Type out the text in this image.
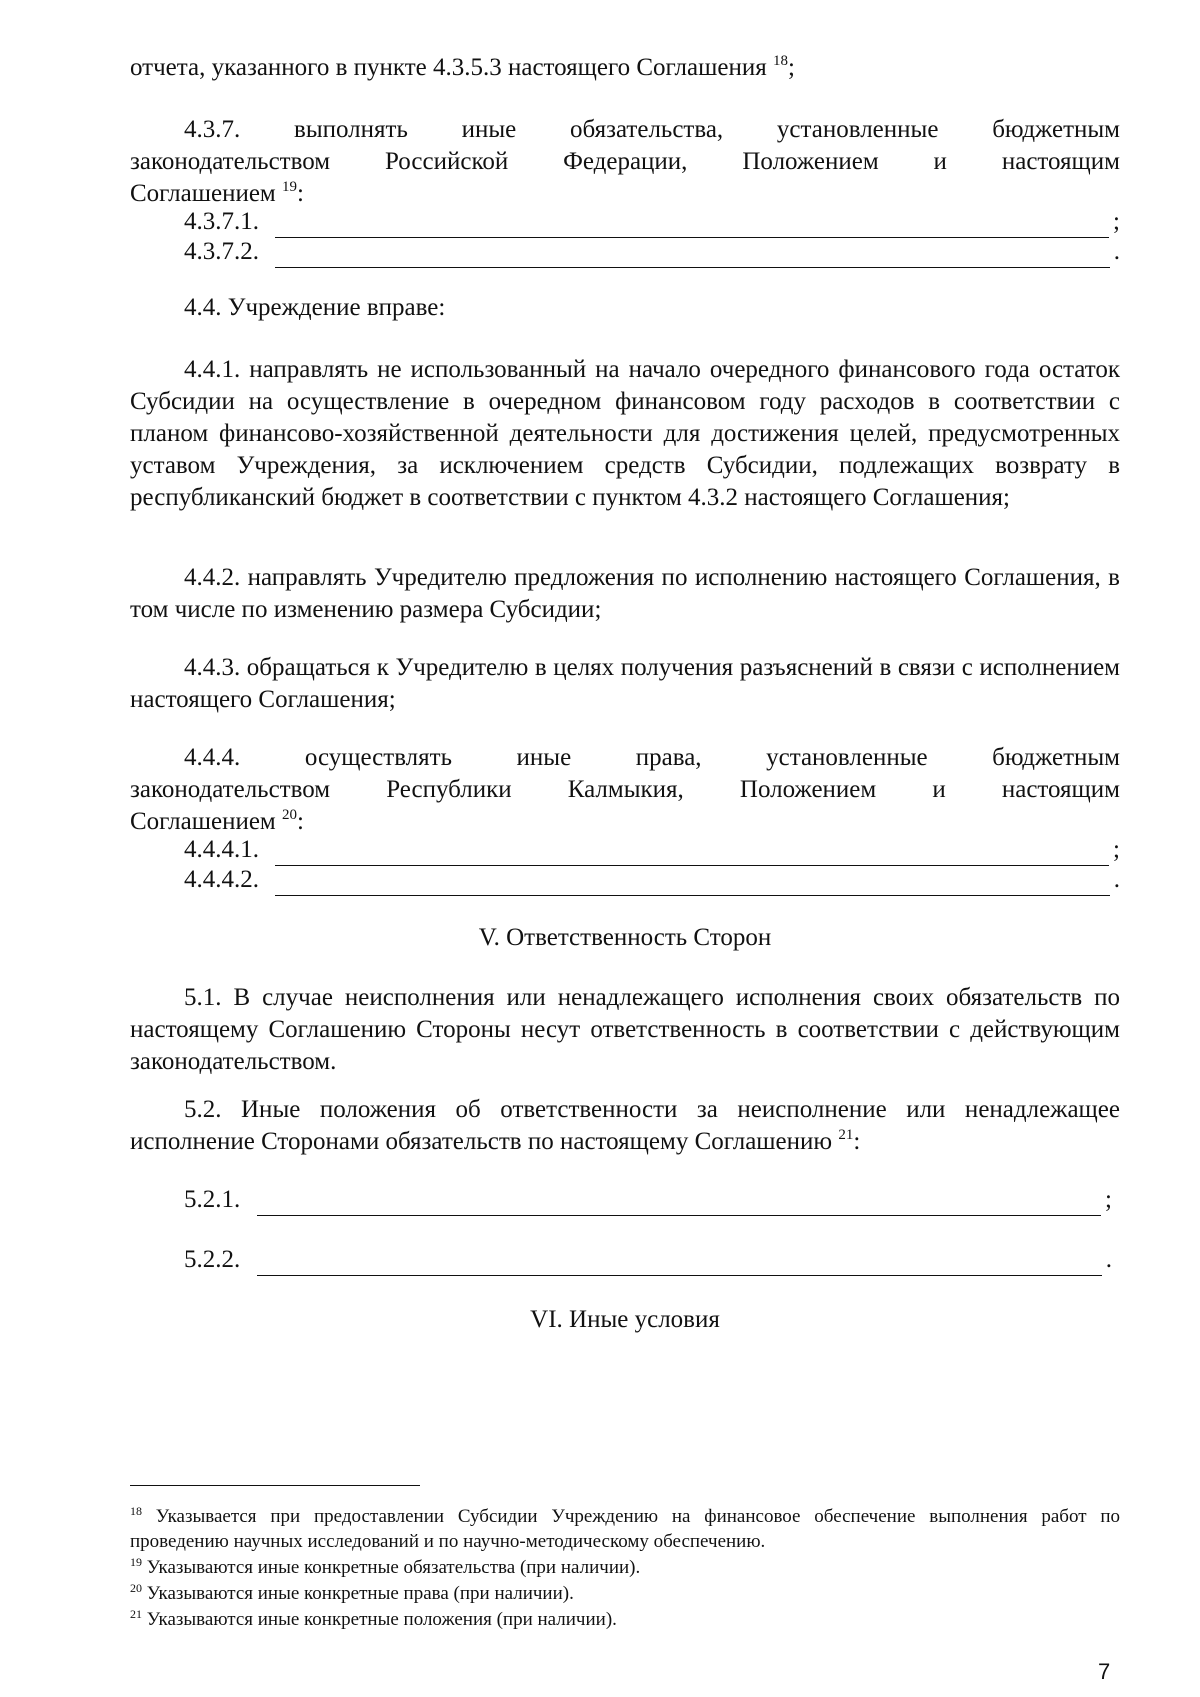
отчета, указанного в пункте 4.3.5.3 настоящего Соглашения $^{18}$;

4.3.7. выполнять иные обязательства, установленные бюджетным
законодательством Российской Федерации, Положением и настоящим
Соглашением $^{19}$:
4.3.7.1.	;
4.3.7.2.	.

4.4. Учреждение вправе:

4.4.1. направлять не использованный на начало очередного финансового года остаток Субсидии на осуществление в очередном финансовом году расходов в соответствии с планом финансово-хозяйственной деятельности для достижения целей, предусмотренных уставом Учреждения, за исключением средств Субсидии, подлежащих возврату в республиканский бюджет в соответствии с пунктом 4.3.2 настоящего Соглашения;

4.4.2. направлять Учредителю предложения по исполнению настоящего Соглашения, в том числе по изменению размера Субсидии;

4.4.3. обращаться к Учредителю в целях получения разъяснений в связи с исполнением настоящего Соглашения;

4.4.4. осуществлять иные права, установленные бюджетным
законодательством Республики Калмыкия, Положением и настоящим
Соглашением $^{20}$:
4.4.4.1.	;
4.4.4.2.	.

V. Ответственность Сторон

5.1. В случае неисполнения или ненадлежащего исполнения своих обязательств по настоящему Соглашению Стороны несут ответственность в соответствии с действующим законодательством.

5.2. Иные положения об ответственности за неисполнение или ненадлежащее исполнение Сторонами обязательств по настоящему Соглашению $^{21}$:

5.2.1.	;
5.2.2.	.

VI. Иные условия

$^{18}$ Указывается при предоставлении Субсидии Учреждению на финансовое обеспечение выполнения работ по проведению научных исследований и по научно-методическому обеспечению.

$^{19}$ Указываются иные конкретные обязательства (при наличии).

$^{20}$ Указываются иные конкретные права (при наличии).

$^{21}$ Указываются иные конкретные положения (при наличии).

7
